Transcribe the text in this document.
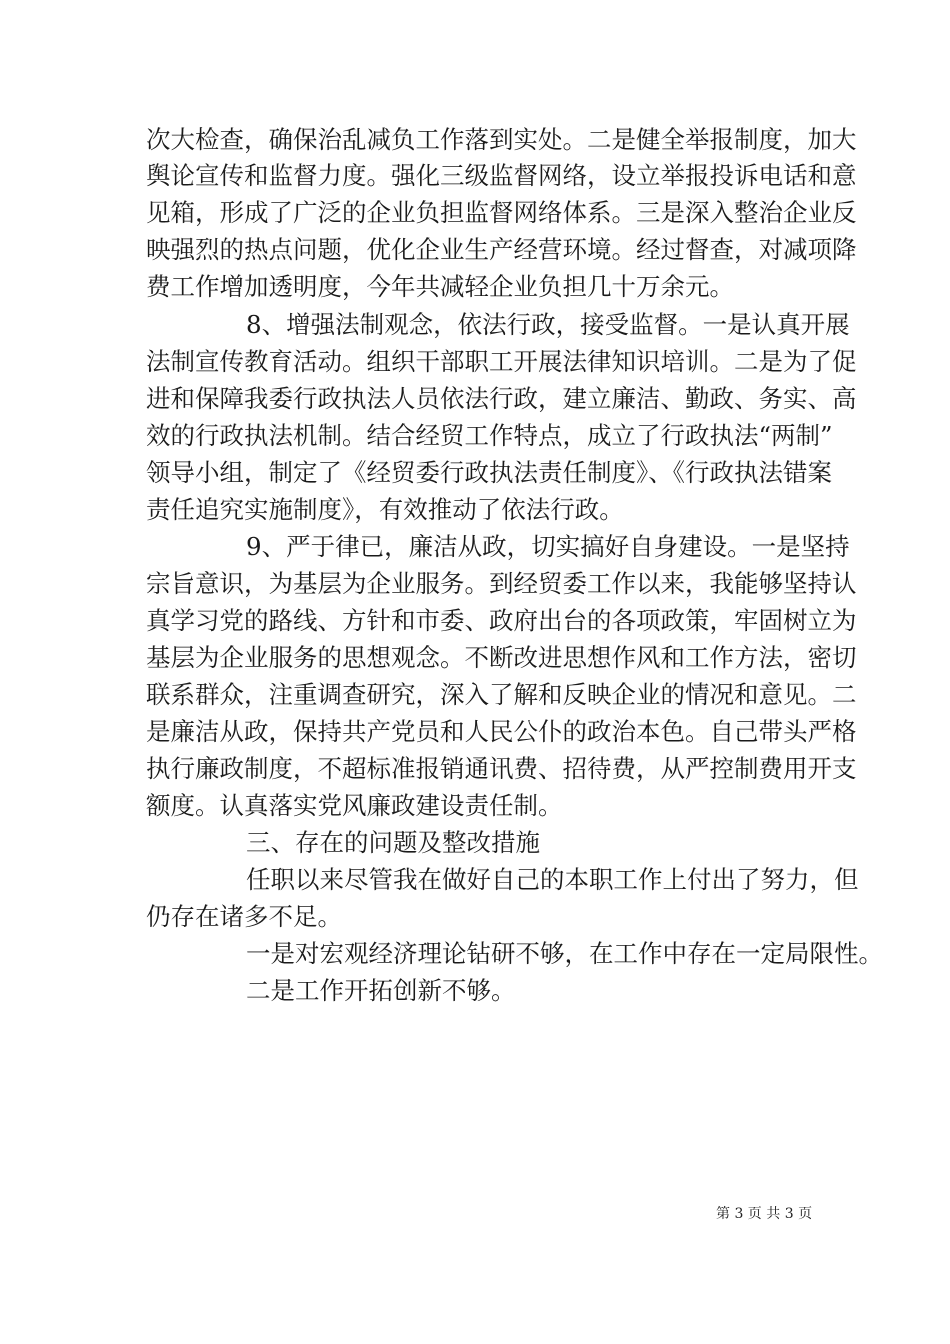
次大检查，确保治乱减负工作落到实处。二是健全举报制度，加大
舆论宣传和监督力度。强化三级监督网络，设立举报投诉电话和意
见箱，形成了广泛的企业负担监督网络体系。三是深入整治企业反
映强烈的热点问题，优化企业生产经营环境。经过督查，对减项降
费工作增加透明度，今年共减轻企业负担几十万余元。
8、增强法制观念，依法行政，接受监督。一是认真开展
法制宣传教育活动。组织干部职工开展法律知识培训。二是为了促
进和保障我委行政执法人员依法行政，建立廉洁、勤政、务实、高
效的行政执法机制。结合经贸工作特点，成立了行政执法“两制”
领导小组，制定了《经贸委行政执法责任制度》、《行政执法错案
责任追究实施制度》，有效推动了依法行政。
9、严于律已，廉洁从政，切实搞好自身建设。一是坚持
宗旨意识，为基层为企业服务。到经贸委工作以来，我能够坚持认
真学习党的路线、方针和市委、政府出台的各项政策，牢固树立为
基层为企业服务的思想观念。不断改进思想作风和工作方法，密切
联系群众，注重调查研究，深入了解和反映企业的情况和意见。二
是廉洁从政，保持共产党员和人民公仆的政治本色。自己带头严格
执行廉政制度，不超标准报销通讯费、招待费，从严控制费用开支
额度。认真落实党风廉政建设责任制。
三、存在的问题及整改措施
任职以来尽管我在做好自己的本职工作上付出了努力，但
仍存在诸多不足。
一是对宏观经济理论钻研不够，在工作中存在一定局限性。
二是工作开拓创新不够。
第 3 页 共 3 页
